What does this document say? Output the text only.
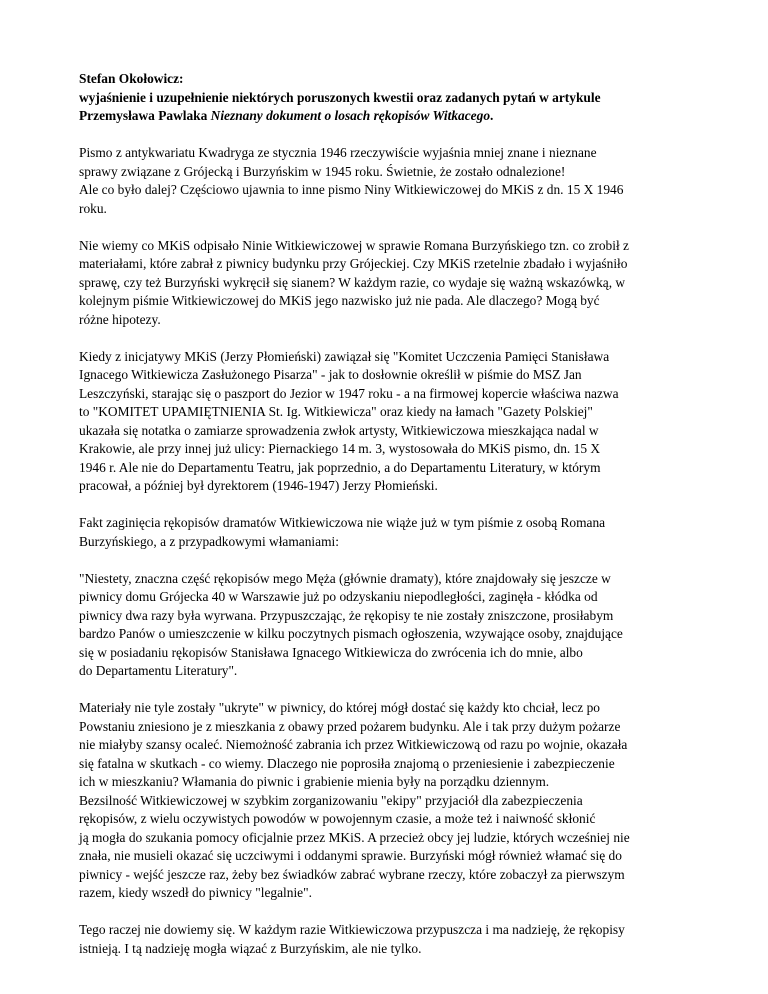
Stefan Okołowicz:
wyjaśnienie i uzupełnienie niektórych poruszonych kwestii oraz zadanych pytań w artykule
Przemysława Pawlaka Nieznany dokument o losach rękopisów Witkacego.

Pismo z antykwariatu Kwadryga ze stycznia 1946 rzeczywiście wyjaśnia mniej znane i nieznane
sprawy związane z Grójecką i Burzyńskim w 1945 roku. Świetnie, że zostało odnalezione!
Ale co było dalej? Częściowo ujawnia to inne pismo Niny Witkiewiczowej do MKiS z dn. 15 X 1946
roku.

Nie wiemy co MKiS odpisało Ninie Witkiewiczowej w sprawie Romana Burzyńskiego tzn. co zrobił z
materiałami, które zabrał z piwnicy budynku przy Grójeckiej. Czy MKiS rzetelnie zbadało i wyjaśniło
sprawę, czy też Burzyński wykręcił się sianem? W każdym razie, co wydaje się ważną wskazówką, w
kolejnym piśmie Witkiewiczowej do MKiS jego nazwisko już nie pada. Ale dlaczego? Mogą być
różne hipotezy.

Kiedy z inicjatywy MKiS (Jerzy Płomieński) zawiązał się "Komitet Uczczenia Pamięci Stanisława
Ignacego Witkiewicza Zasłużonego Pisarza" - jak to dosłownie określił w piśmie do MSZ Jan
Leszczyński, starając się o paszport do Jezior w 1947 roku - a na firmowej kopercie właściwa nazwa
to "KOMITET UPAMIĘTNIENIA St. Ig. Witkiewicza" oraz kiedy na łamach "Gazety Polskiej"
ukazała się notatka o zamiarze sprowadzenia zwłok artysty, Witkiewiczowa mieszkająca nadal w
Krakowie, ale przy innej już ulicy: Piernackiego 14 m. 3, wystosowała do MKiS pismo, dn. 15 X
1946 r. Ale nie do Departamentu Teatru, jak poprzednio, a do Departamentu Literatury, w którym
pracował, a później był dyrektorem (1946-1947) Jerzy Płomieński.

Fakt zaginięcia rękopisów dramatów Witkiewiczowa nie wiąże już w tym piśmie z osobą Romana
Burzyńskiego, a z przypadkowymi włamaniami:

"Niestety, znaczna część rękopisów mego Męża (głównie dramaty), które znajdowały się jeszcze w
piwnicy domu Grójecka 40 w Warszawie już po odzyskaniu niepodległości, zaginęła - kłódka od
piwnicy dwa razy była wyrwana. Przypuszczając, że rękopisy te nie zostały zniszczone, prosiłabym
bardzo Panów o umieszczenie w kilku poczytnych pismach ogłoszenia, wzywające osoby, znajdujące
się w posiadaniu rękopisów Stanisława Ignacego Witkiewicza do zwrócenia ich do mnie, albo
do Departamentu Literatury".

Materiały nie tyle zostały "ukryte" w piwnicy, do której mógł dostać się każdy kto chciał, lecz po
Powstaniu zniesiono je z mieszkania z obawy przed pożarem budynku. Ale i tak przy dużym pożarze
nie miałyby szansy ocaleć. Niemożność zabrania ich przez Witkiewiczową od razu po wojnie, okazała
się fatalna w skutkach - co wiemy. Dlaczego nie poprosiła znajomą o przeniesienie i zabezpieczenie
ich w mieszkaniu? Włamania do piwnic i grabienie mienia były na porządku dziennym.
Bezsilność Witkiewiczowej w szybkim zorganizowaniu "ekipy" przyjaciół dla zabezpieczenia
rękopisów, z wielu oczywistych powodów w powojennym czasie, a może też i naiwność skłonić
ją mogła do szukania pomocy oficjalnie przez MKiS. A przecież obcy jej ludzie, których wcześniej nie
znała, nie musieli okazać się uczciwymi i oddanymi sprawie. Burzyński mógł również włamać się do
piwnicy - wejść jeszcze raz, żeby bez świadków zabrać wybrane rzeczy, które zobaczył za pierwszym
razem, kiedy wszedł do piwnicy "legalnie".

Tego raczej nie dowiemy się. W każdym razie Witkiewiczowa przypuszcza i ma nadzieję, że rękopisy
istnieją. I tą nadzieję mogła wiązać z Burzyńskim, ale nie tylko.
